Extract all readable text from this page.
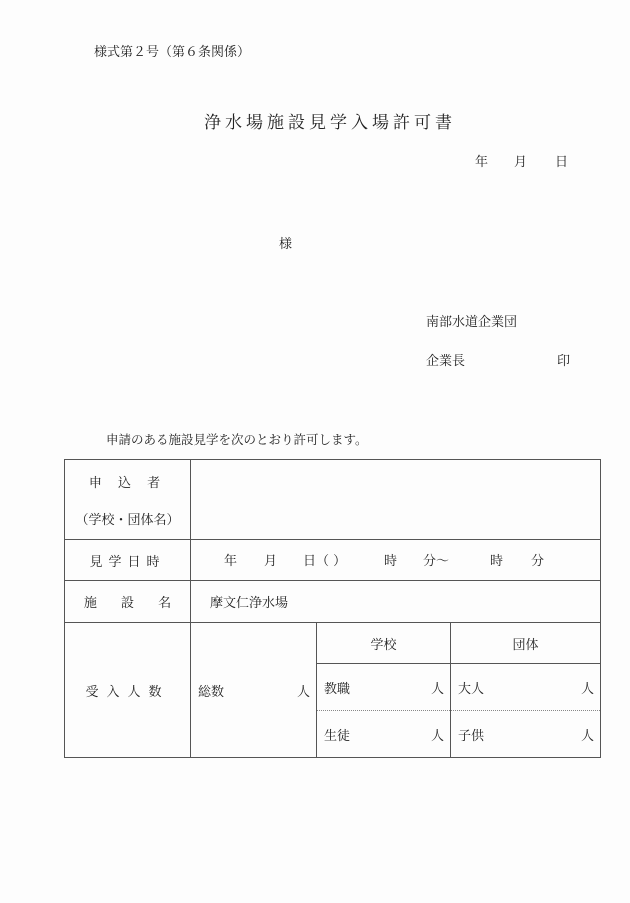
様式第２号（第６条関係）
浄水場施設見学入場許可書
年 月 日
様
南部水道企業団
企業長	印
申請のある施設見学を次のとおり許可します。
申 込 者
（学校・団体名）			

見学日時	年 月 日（ ）	時 分～	時 分

施 設 名	摩文仁浄水場		
受入人数	総数 人	学校	団体

		教職 人	大人 人

		生徒 人	子供 人
